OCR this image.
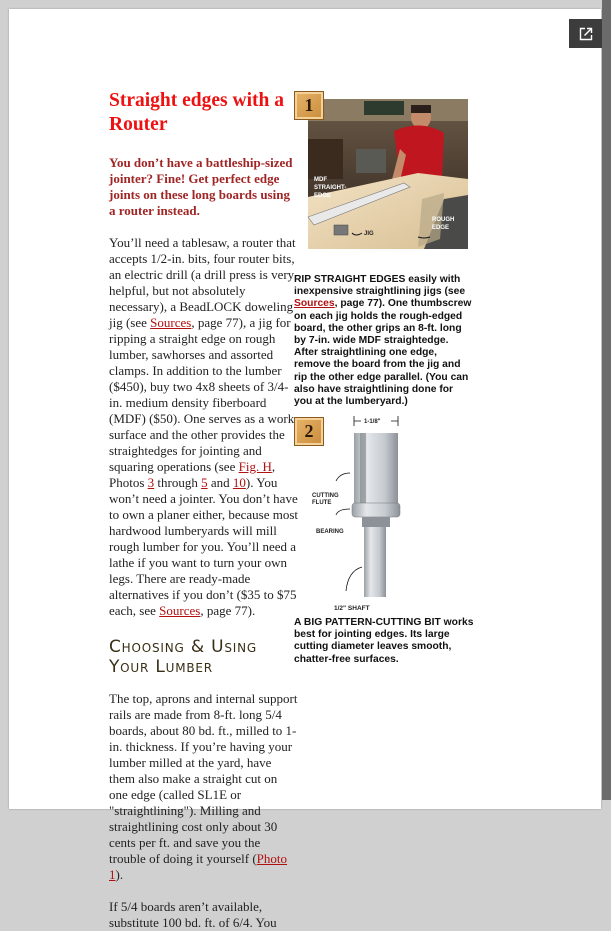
Straight edges with a Router
You don’t have a battleship-sized jointer? Fine! Get perfect edge joints on these long boards using a router instead.

You’ll need a tablesaw, a router that accepts 1/2-in. bits, four router bits, an electric drill (a drill press is very helpful, but not absolutely necessary), a BeadLOCK doweling jig (see Sources, page 77), a jig for ripping a straight edge on rough lumber, sawhorses and assorted clamps. In addition to the lumber ($450), buy two 4x8 sheets of 3/4-in. medium density fiberboard (MDF) ($50). One serves as a work surface and the other provides the straightedges for jointing and squaring operations (see Fig. H, Photos 3 through 5 and 10). You won’t need a jointer. You don’t have to own a planer either, because most hardwood lumberyards will mill rough lumber for you. You’ll need a lathe if you want to turn your own legs. There are ready-made alternatives if you don’t ($35 to $75 each, see Sources, page 77).

Choosing & Using Your Lumber

The top, aprons and internal support rails are made from 8-ft. long 5/4 boards, about 80 bd. ft., milled to 1-in. thickness. If you’re having your lumber milled at the yard, have them also make a straight cut on one edge (called SL1E or "straightlining"). Milling and straightlining cost only about 30 cents per ft. and save you the trouble of doing it yourself (Photo 1).

If 5/4 boards aren’t available, substitute 100 bd. ft. of 6/4. You

MDF
STRAIGHT-
EDGE
JIG
ROUGH
EDGE
1
RIP STRAIGHT EDGES easily with inexpensive straightlining jigs (see Sources, page 77). One thumbscrew on each jig holds the rough-edged board, the other grips an 8-ft. long by 7-in. wide MDF straightedge. After straightlining one edge, remove the board from the jig and rip the other edge parallel. (You can also have straightlining done for you at the lumberyard.)
1-1/8"
CUTTING
FLUTE
BEARING
2
1/2" SHAFT
A BIG PATTERN-CUTTING BIT works best for jointing edges. Its large cutting diameter leaves smooth, chatter-free surfaces.
